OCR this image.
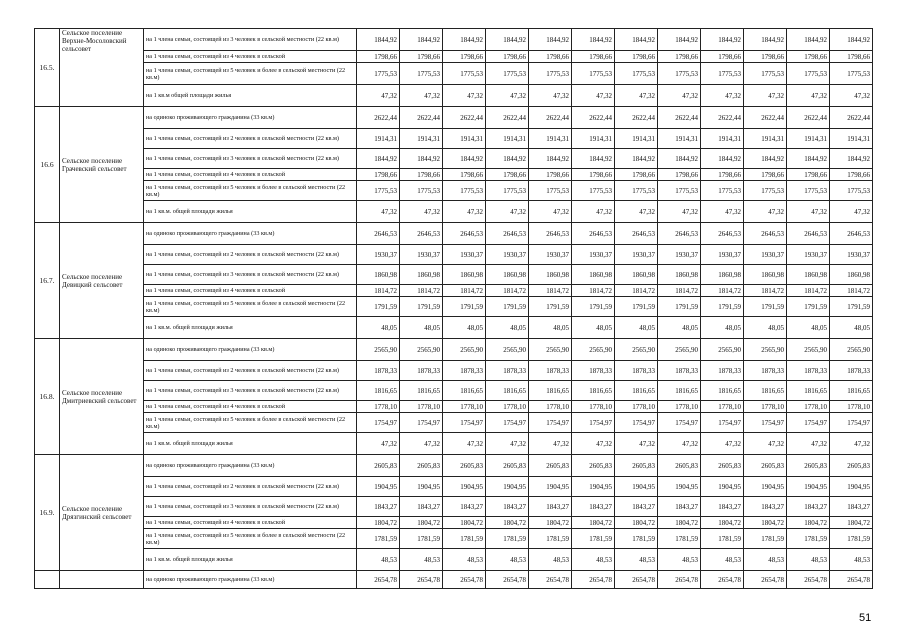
16.5.	Сельское поселение Верхне-Мосоловский сельсовет	на 1 члена семьи, состоящей из 3 человек в сельской местности (22 кв.м)	1844,92	1844,92	1844,92	1844,92	1844,92	1844,92	1844,92	1844,92	1844,92	1844,92	1844,92	1844,92
		на 1 члена семьи, состоящей из 4 человек в сельской	1798,66	1798,66	1798,66	1798,66	1798,66	1798,66	1798,66	1798,66	1798,66	1798,66	1798,66	1798,66
		на 1 члена семьи, состоящей из 5 человек и более в сельской местности (22 кв.м)	1775,53	1775,53	1775,53	1775,53	1775,53	1775,53	1775,53	1775,53	1775,53	1775,53	1775,53	1775,53
		на 1 кв.м общей площади жилья	47,32	47,32	47,32	47,32	47,32	47,32	47,32	47,32	47,32	47,32	47,32	47,32
16.6	Сельское поселение Грачевский сельсовет	на одиноко проживающего гражданина (33 кв.м)	2622,44	2622,44	2622,44	2622,44	2622,44	2622,44	2622,44	2622,44	2622,44	2622,44	2622,44	2622,44
		на 1 члена семьи, состоящей из 2 человек в сельской местности (22 кв.м)	1914,31	1914,31	1914,31	1914,31	1914,31	1914,31	1914,31	1914,31	1914,31	1914,31	1914,31	1914,31
		на 1 члена семьи, состоящей из 3 человек в сельской местности (22 кв.м)	1844,92	1844,92	1844,92	1844,92	1844,92	1844,92	1844,92	1844,92	1844,92	1844,92	1844,92	1844,92
		на 1 члена семьи, состоящей из 4 человек в сельской	1798,66	1798,66	1798,66	1798,66	1798,66	1798,66	1798,66	1798,66	1798,66	1798,66	1798,66	1798,66
		на 1 члена семьи, состоящей из 5 человек и более в сельской местности (22 кв.м)	1775,53	1775,53	1775,53	1775,53	1775,53	1775,53	1775,53	1775,53	1775,53	1775,53	1775,53	1775,53
		на 1 кв.м. общей площади жилья	47,32	47,32	47,32	47,32	47,32	47,32	47,32	47,32	47,32	47,32	47,32	47,32
16.7.	Сельское поселение Девицкий сельсовет	на одиноко проживающего гражданина (33 кв.м)	2646,53	2646,53	2646,53	2646,53	2646,53	2646,53	2646,53	2646,53	2646,53	2646,53	2646,53	2646,53
		на 1 члена семьи, состоящей из 2 человек в сельской местности (22 кв.м)	1930,37	1930,37	1930,37	1930,37	1930,37	1930,37	1930,37	1930,37	1930,37	1930,37	1930,37	1930,37
		на 1 члена семьи, состоящей из 3 человек в сельской местности (22 кв.м)	1860,98	1860,98	1860,98	1860,98	1860,98	1860,98	1860,98	1860,98	1860,98	1860,98	1860,98	1860,98
		на 1 члена семьи, состоящей из 4 человек в сельской	1814,72	1814,72	1814,72	1814,72	1814,72	1814,72	1814,72	1814,72	1814,72	1814,72	1814,72	1814,72
		на 1 члена семьи, состоящей из 5 человек и более в сельской местности (22 кв.м)	1791,59	1791,59	1791,59	1791,59	1791,59	1791,59	1791,59	1791,59	1791,59	1791,59	1791,59	1791,59
		на 1 кв.м. общей площади жилья	48,05	48,05	48,05	48,05	48,05	48,05	48,05	48,05	48,05	48,05	48,05	48,05
16.8.	Сельское поселение Дмитриевский сельсовет	на одиноко проживающего гражданина (33 кв.м)	2565,90	2565,90	2565,90	2565,90	2565,90	2565,90	2565,90	2565,90	2565,90	2565,90	2565,90	2565,90
		на 1 члена семьи, состоящей из 2 человек в сельской местности (22 кв.м)	1878,33	1878,33	1878,33	1878,33	1878,33	1878,33	1878,33	1878,33	1878,33	1878,33	1878,33	1878,33
		на 1 члена семьи, состоящей из 3 человек в сельской местности (22 кв.м)	1816,65	1816,65	1816,65	1816,65	1816,65	1816,65	1816,65	1816,65	1816,65	1816,65	1816,65	1816,65
		на 1 члена семьи, состоящей из 4 человек в сельской	1778,10	1778,10	1778,10	1778,10	1778,10	1778,10	1778,10	1778,10	1778,10	1778,10	1778,10	1778,10
		на 1 члена семьи, состоящей из 5 человек и более в сельской местности (22 кв.м)	1754,97	1754,97	1754,97	1754,97	1754,97	1754,97	1754,97	1754,97	1754,97	1754,97	1754,97	1754,97
		на 1 кв.м. общей площади жилья	47,32	47,32	47,32	47,32	47,32	47,32	47,32	47,32	47,32	47,32	47,32	47,32
16.9.	Сельское поселение Дрязгинский сельсовет	на одиноко проживающего гражданина (33 кв.м)	2605,83	2605,83	2605,83	2605,83	2605,83	2605,83	2605,83	2605,83	2605,83	2605,83	2605,83	2605,83
		на 1 члена семьи, состоящей из 2 человек в сельской местности (22 кв.м)	1904,95	1904,95	1904,95	1904,95	1904,95	1904,95	1904,95	1904,95	1904,95	1904,95	1904,95	1904,95
		на 1 члена семьи, состоящей из 3 человек в сельской местности (22 кв.м)	1843,27	1843,27	1843,27	1843,27	1843,27	1843,27	1843,27	1843,27	1843,27	1843,27	1843,27	1843,27
		на 1 члена семьи, состоящей из 4 человек в сельской	1804,72	1804,72	1804,72	1804,72	1804,72	1804,72	1804,72	1804,72	1804,72	1804,72	1804,72	1804,72
		на 1 члена семьи, состоящей из 5 человек и более в сельской местности (22 кв.м)	1781,59	1781,59	1781,59	1781,59	1781,59	1781,59	1781,59	1781,59	1781,59	1781,59	1781,59	1781,59
		на 1 кв.м. общей площади жилья	48,53	48,53	48,53	48,53	48,53	48,53	48,53	48,53	48,53	48,53	48,53	48,53
		на одиноко проживающего гражданина (33 кв.м)	2654,78	2654,78	2654,78	2654,78	2654,78	2654,78	2654,78	2654,78	2654,78	2654,78	2654,78	2654,78
51
